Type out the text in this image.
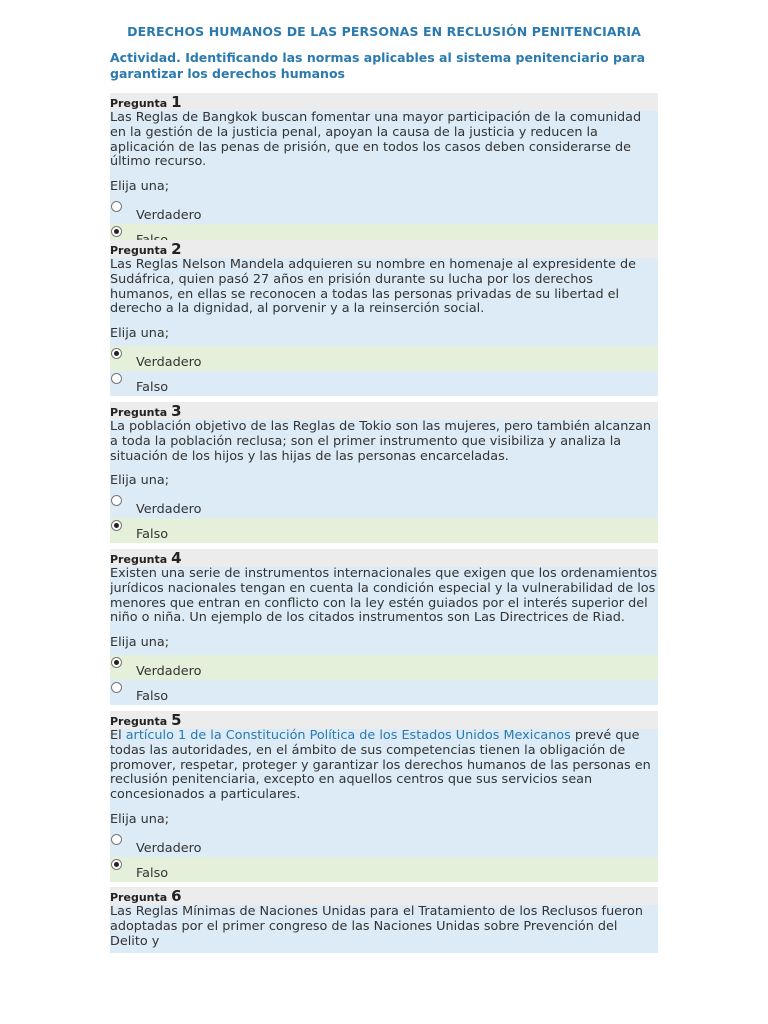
DERECHOS HUMANOS DE LAS PERSONAS EN RECLUSIÓN PENITENCIARIA
Actividad. Identificando las normas aplicables al sistema penitenciario para garantizar los derechos humanos
Pregunta 1
Las Reglas de Bangkok buscan fomentar una mayor participación de la comunidad en la gestión de la justicia penal, apoyan la causa de la justicia y reducen la aplicación de las penas de prisión, que en todos los casos deben considerarse de último recurso.
Elija una;
Verdadero
Pregunta 2
Las Reglas Nelson Mandela adquieren su nombre en homenaje al expresidente de Sudáfrica, quien pasó 27 años en prisión durante su lucha por los derechos humanos, en ellas se reconocen a todas las personas privadas de su libertad el derecho a la dignidad, al porvenir y a la reinserción social.
Elija una;
Verdadero
Falso
Pregunta 3
La población objetivo de las Reglas de Tokio son las mujeres, pero también alcanzan a toda la población reclusa; son el primer instrumento que visibiliza y analiza la situación de los hijos y las hijas de las personas encarceladas.
Elija una;
Verdadero
Falso
Pregunta 4
Existen una serie de instrumentos internacionales que exigen que los ordenamientos jurídicos nacionales tengan en cuenta la condición especial y la vulnerabilidad de los menores que entran en conflicto con la ley estén guiados por el interés superior del niño o niña. Un ejemplo de los citados instrumentos son Las Directrices de Riad.
Elija una;
Verdadero
Falso
Pregunta 5
El artículo 1 de la Constitución Política de los Estados Unidos Mexicanos prevé que todas las autoridades, en el ámbito de sus competencias tienen la obligación de promover, respetar, proteger y garantizar los derechos humanos de las personas en reclusión penitenciaria, excepto en aquellos centros que sus servicios sean concesionados a particulares.
Elija una;
Verdadero
Falso
Pregunta 6
Las Reglas Mínimas de Naciones Unidas para el Tratamiento de los Reclusos fueron adoptadas por el primer congreso de las Naciones Unidas sobre Prevención del Delito y
